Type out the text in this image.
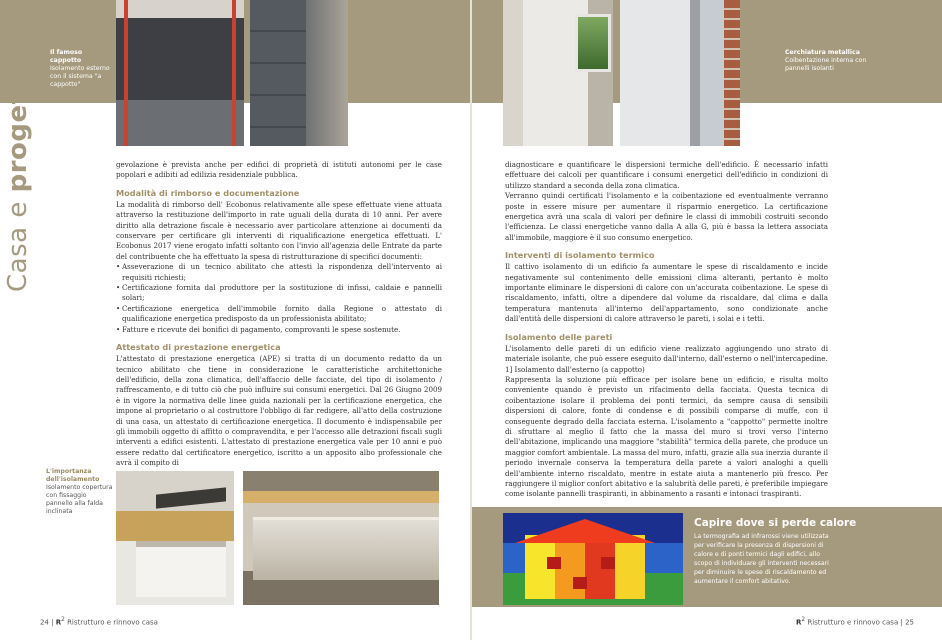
Il famoso cappotto
Isolamento esterno con il sistema "a cappotto"
Cerchiatura metallica
Coibentazione interna con pannelli isolanti
Casa e progetto	gevolazione è prevista anche per edifici di proprietà di istituti autonomi per le case popolari e adibiti ad edilizia residenziale pubblica.

Modalità di rimborso e documentazione

La modalità di rimborso dell' Ecobonus relativamente alle spese effettuate viene attuata attraverso la restituzione dell'importo in rate uguali della durata di 10 anni. Per avere diritto alla detrazione fiscale è necessario aver particolare attenzione ai documenti da conservare per certificare gli interventi di riqualificazione energetica effettuati. L' Ecobonus 2017 viene erogato infatti soltanto con l'invio all'agenzia delle Entrate da parte del contribuente che ha effettuato la spesa di ristrutturazione di specifici documenti:

• Asseverazione di un tecnico abilitato che attesti la rispondenza dell'intervento ai requisiti richiesti;
• Certificazione fornita dal produttore per la sostituzione di infissi, caldaie e pannelli solari;
• Certificazione energetica dell'immobile fornito dalla Regione o attestato di qualificazione energetica predisposto da un professionista abilitato;
• Fatture e ricevute dei bonifici di pagamento, comprovanti le spese sostenute.
Attestato di prestazione energetica

L'attestato di prestazione energetica (APE) si tratta di un documento redatto da un tecnico abilitato che tiene in considerazione le caratteristiche architettoniche dell'edificio, della zona climatica, dell'affaccio delle facciate, del tipo di isolamento / raffrescamento, e di tutto ciò che può influire sui consumi energetici. Dal 26 Giugno 2009 è in vigore la normativa delle linee guida nazionali per la certificazione energetica, che impone al proprietario o al costruttore l'obbligo di far redigere, all'atto della costruzione di una casa, un attestato di certificazione energetica. Il documento è indispensabile per gli immobili oggetto di affitto o compravendita, e per l'accesso alle detrazioni fiscali sugli interventi a edifici esistenti. L'attestato di prestazione energetica vale per 10 anni e può essere redatto dal certificatore energetico, iscritto a un apposito albo professionale che avrà il compito di

L'importanza dell'isolamento
Isolamento copertura con fissaggio pannello alla falda inclinata

diagnosticare e quantificare le dispersioni termiche dell'edificio. È necessario infatti effettuare dei calcoli per quantificare i consumi energetici dell'edificio in condizioni di utilizzo standard a seconda della zona climatica.

Verranno quindi certificati l'isolamento e la coibentazione ed eventualmente verranno poste in essere misure per aumentare il risparmio energetico. La certificazione energetica avrà una scala di valori per definire le classi di immobili costruiti secondo l'efficienza. Le classi energetiche vanno dalla A alla G, più è bassa la lettera associata all'immobile, maggiore è il suo consumo energetico.

Interventi di isolamento termico

Il cattivo isolamento di un edificio fa aumentare le spese di riscaldamento e incide negativamente sul contenimento delle emissioni clima alteranti, pertanto è molto importante eliminare le dispersioni di calore con un'accurata coibentazione. Le spese di riscaldamento, infatti, oltre a dipendere dal volume da riscaldare, dal clima e dalla temperatura mantenuta all'interno dell'appartamento, sono condizionate anche dall'entità delle dispersioni di calore attraverso le pareti, i solai e i tetti.

Isolamento delle pareti

L'isolamento delle pareti di un edificio viene realizzato aggiungendo uno strato di materiale isolante, che può essere eseguito dall'interno, dall'esterno o nell'intercapedine.

1] Isolamento dall'esterno (a cappotto)

Rappresenta la soluzione più efficace per isolare bene un edificio, e risulta molto conveniente quando è previsto un rifacimento della facciata. Questa tecnica di coibentazione isolare il problema dei ponti termici, da sempre causa di sensibili dispersioni di calore, fonte di condense e di possibili comparse di muffe, con il conseguente degrado della facciata esterna. L'isolamento a "cappotto" permette inoltre di sfruttare al meglio il fatto che la massa del muro si trovi verso l'interno dell'abitazione, implicando una maggiore "stabilità" termica della parete, che produce un maggior comfort ambientale. La massa del muro, infatti, grazie alla sua inerzia durante il periodo invernale conserva la temperatura della parete a valori analoghi a quelli dell'ambiente interno riscaldato, mentre in estate aiuta a mantenerlo più fresco. Per raggiungere il miglior confort abitativo e la salubrità delle pareti, è preferibile impiegare come isolante pannelli traspiranti, in abbinamento a rasanti e intonaci traspiranti.

Capire dove si perde calore
La termografia ad infrarossi viene utilizzata per verificare la presenza di dispersioni di calore e di ponti termici dagli edifici, allo scopo di individuare gli interventi necessari per diminuire le spese di riscaldamento ed aumentare il comfort abitativo.
24 | $R^2$ Ristrutturo e rinnovo casa	$R^2$ Ristrutturo e rinnovo casa | 25
